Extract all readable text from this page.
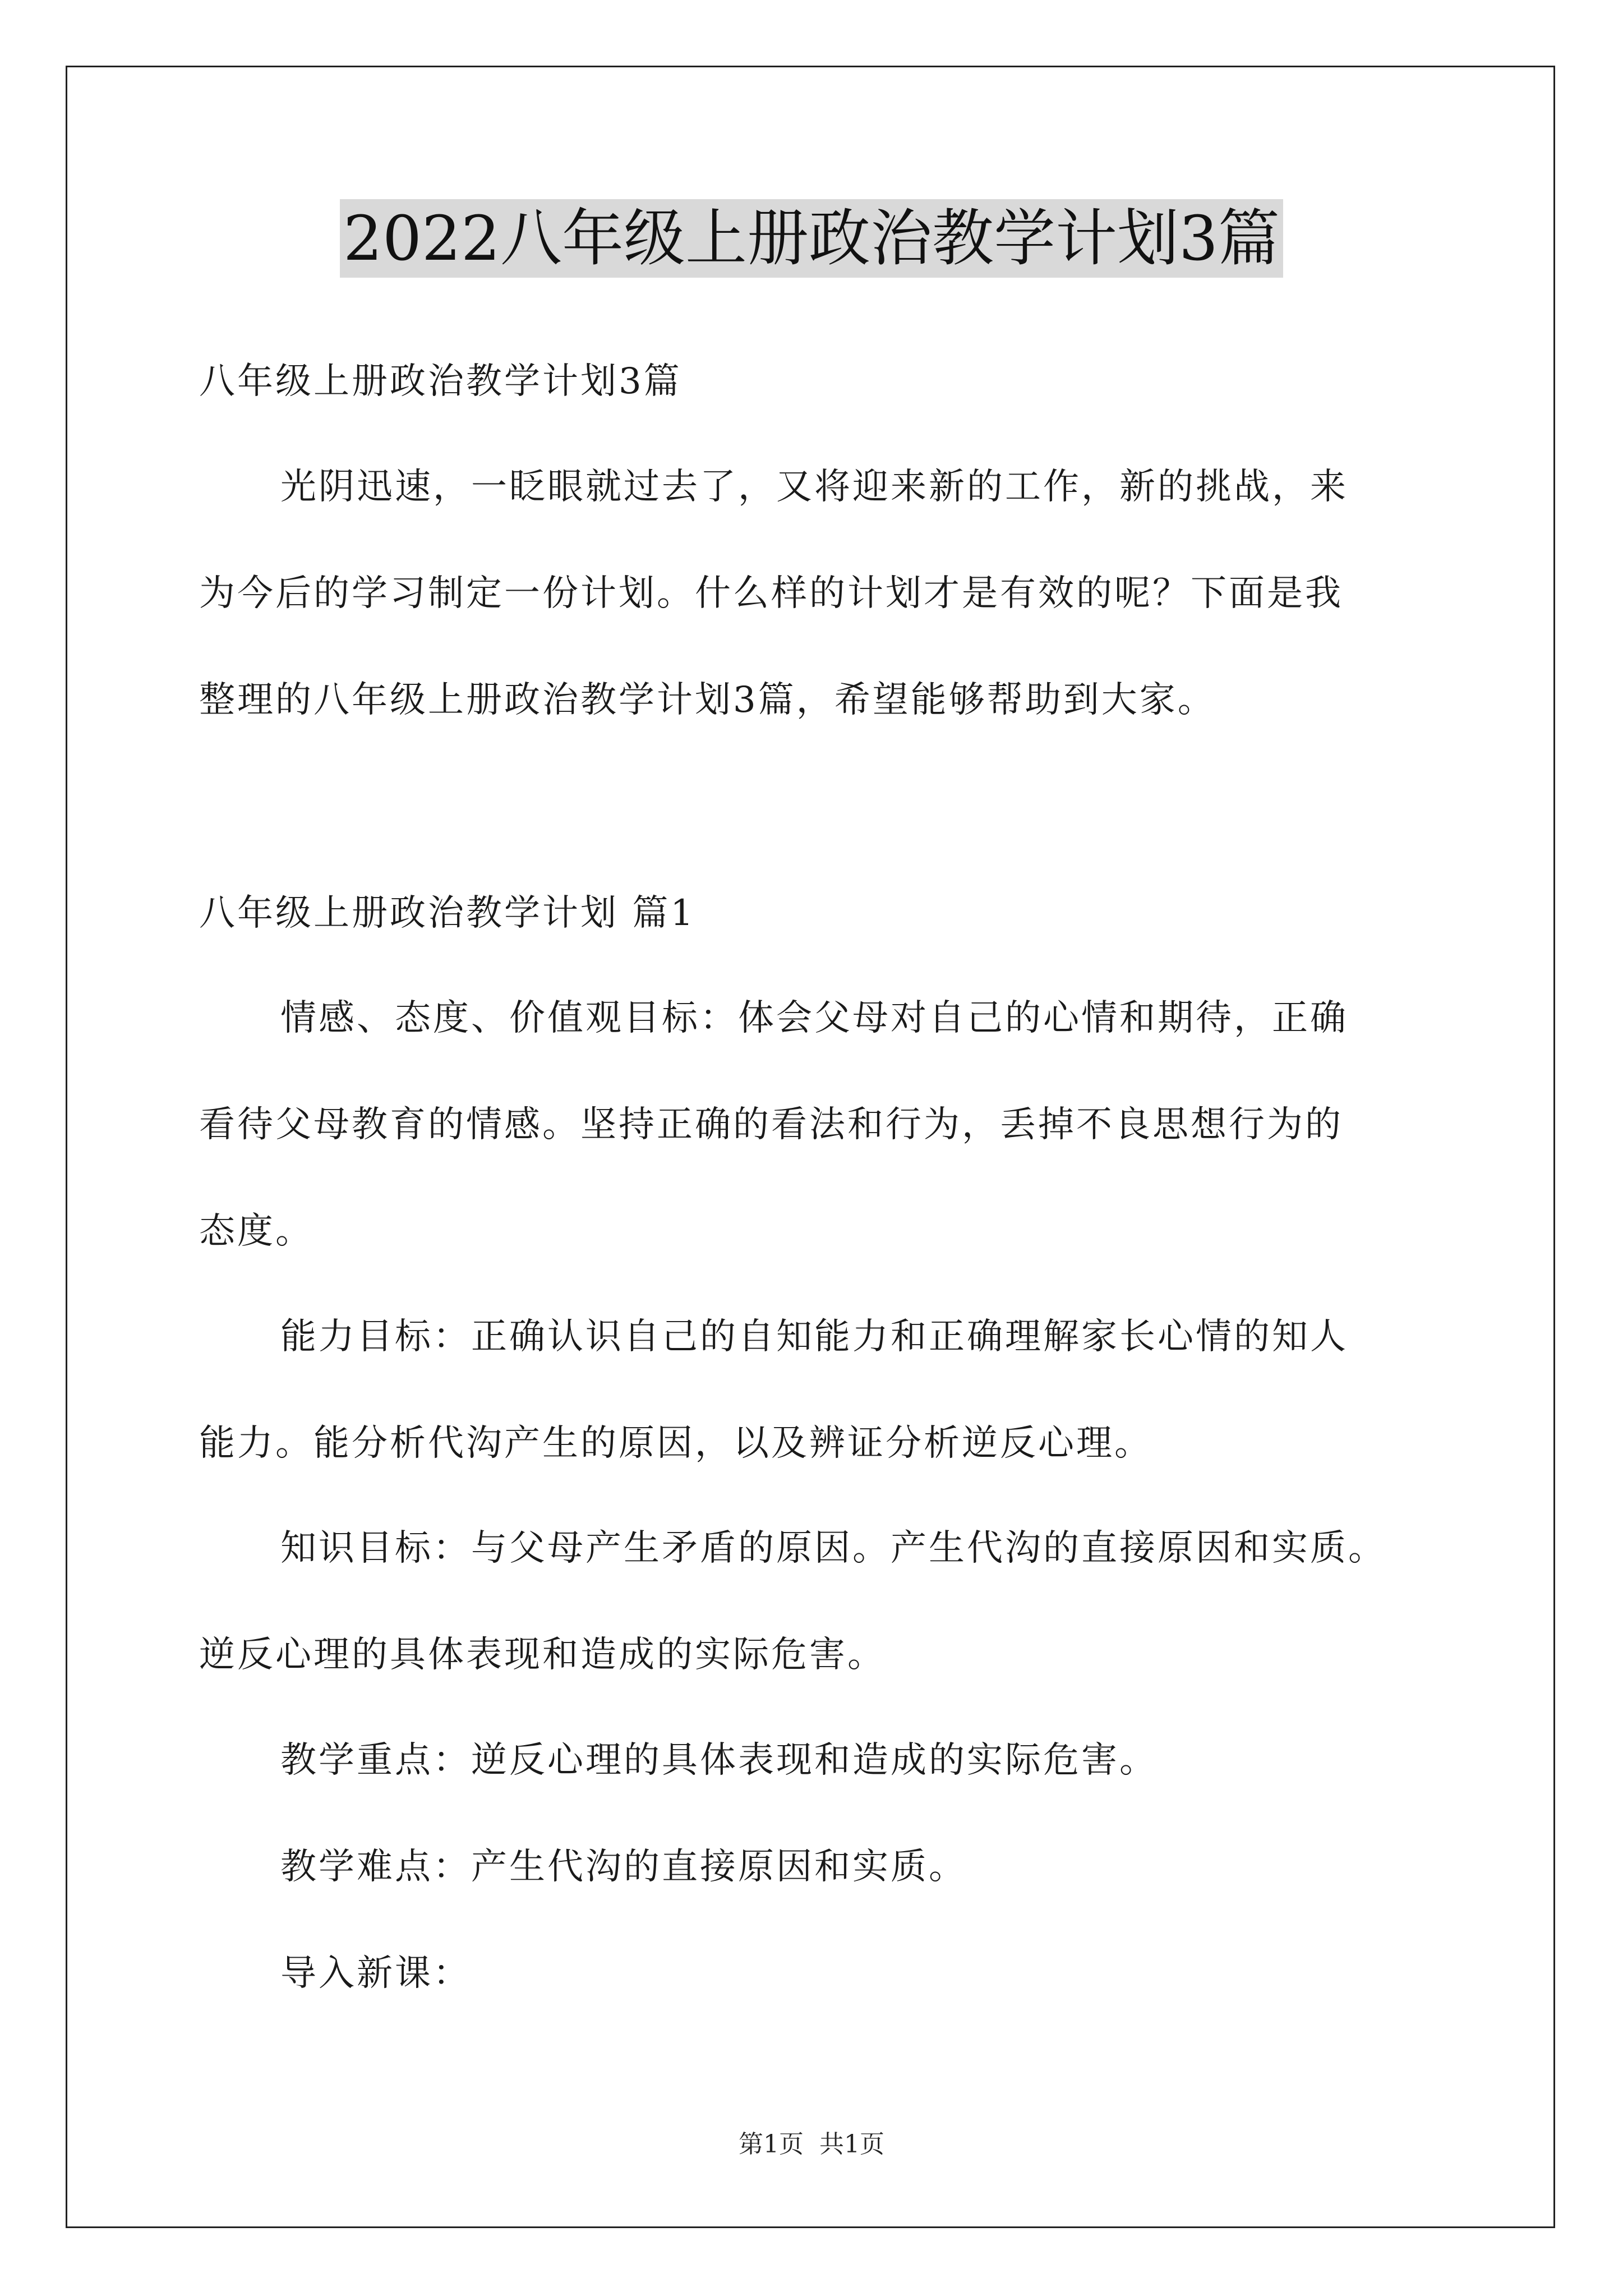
2022八年级上册政治教学计划3篇
八年级上册政治教学计划3篇
光阴迅速，一眨眼就过去了，又将迎来新的工作，新的挑战，来
为今后的学习制定一份计划。什么样的计划才是有效的呢？下面是我
整理的八年级上册政治教学计划3篇，希望能够帮助到大家。
八年级上册政治教学计划 篇1
情感、态度、价值观目标：体会父母对自己的心情和期待，正确
看待父母教育的情感。坚持正确的看法和行为，丢掉不良思想行为的
态度。
能力目标：正确认识自己的自知能力和正确理解家长心情的知人
能力。能分析代沟产生的原因，以及辨证分析逆反心理。
知识目标：与父母产生矛盾的原因。产生代沟的直接原因和实质。
逆反心理的具体表现和造成的实际危害。
教学重点：逆反心理的具体表现和造成的实际危害。
教学难点：产生代沟的直接原因和实质。
导入新课：
第1页 共1页
